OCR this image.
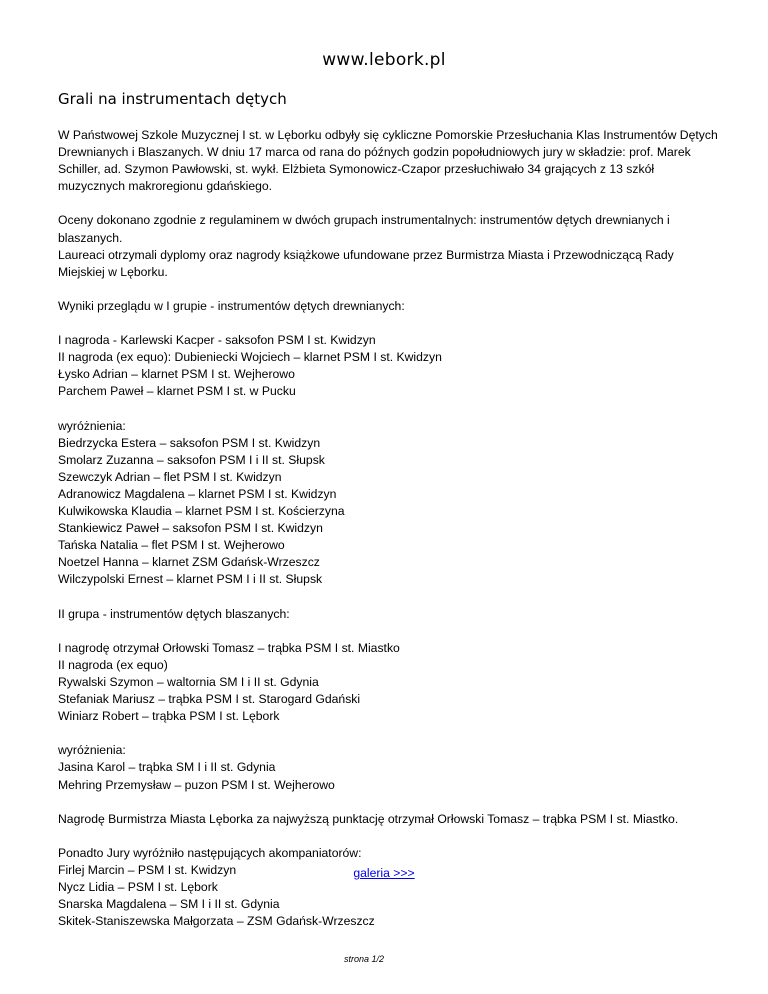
www.lebork.pl
Grali na instrumentach dętych

W Państwowej Szkole Muzycznej I st. w Lęborku odbyły się cykliczne Pomorskie Przesłuchania Klas Instrumentów Dętych Drewnianych i Blaszanych. W dniu 17 marca od rana do późnych godzin popołudniowych jury w składzie: prof. Marek Schiller, ad. Szymon Pawłowski, st. wykł. Elżbieta Symonowicz-Czapor przesłuchiwało 34 grających z 13 szkół muzycznych makroregionu gdańskiego.

Oceny dokonano zgodnie z regulaminem w dwóch grupach instrumentalnych: instrumentów dętych drewnianych i blaszanych.
Laureaci otrzymali dyplomy oraz nagrody książkowe ufundowane przez Burmistrza Miasta i Przewodniczącą Rady Miejskiej w Lęborku.

Wyniki przeglądu w I grupie - instrumentów dętych drewnianych:

I nagroda - Karlewski Kacper - saksofon PSM I st. Kwidzyn
II nagroda (ex equo): Dubieniecki Wojciech – klarnet PSM I st. Kwidzyn
Łysko Adrian – klarnet PSM I st. Wejherowo
Parchem Paweł – klarnet PSM I st. w Pucku

wyróżnienia:
Biedrzycka Estera – saksofon PSM I st. Kwidzyn
Smolarz Zuzanna – saksofon PSM I i II st. Słupsk
Szewczyk Adrian – flet PSM I st. Kwidzyn
Adranowicz Magdalena – klarnet PSM I st. Kwidzyn
Kulwikowska Klaudia – klarnet PSM I st. Kościerzyna
Stankiewicz Paweł – saksofon PSM I st. Kwidzyn
Tańska Natalia – flet PSM I st. Wejherowo
Noetzel Hanna – klarnet ZSM Gdańsk-Wrzeszcz
Wilczypolski Ernest – klarnet PSM I i II st. Słupsk

II grupa - instrumentów dętych blaszanych:

I nagrodę otrzymał Orłowski Tomasz – trąbka PSM I st. Miastko
II nagroda (ex equo)
Rywalski Szymon – waltornia SM I i II st. Gdynia
Stefaniak Mariusz – trąbka PSM I st. Starogard Gdański
Winiarz Robert – trąbka PSM I st. Lębork

wyróżnienia:
Jasina Karol – trąbka SM I i II st. Gdynia
Mehring Przemysław – puzon PSM I st. Wejherowo

Nagrodę Burmistrza Miasta Lęborka za najwyższą punktację otrzymał Orłowski Tomasz – trąbka PSM I st. Miastko.

Ponadto Jury wyróżniło następujących akompaniatorów:
Firlej Marcin – PSM I st. Kwidzyn
Nycz Lidia – PSM I st. Lębork
Snarska Magdalena – SM I i II st. Gdynia
Skitek-Staniszewska Małgorzata – ZSM Gdańsk-Wrzeszcz

galeria >>>
strona 1/2
